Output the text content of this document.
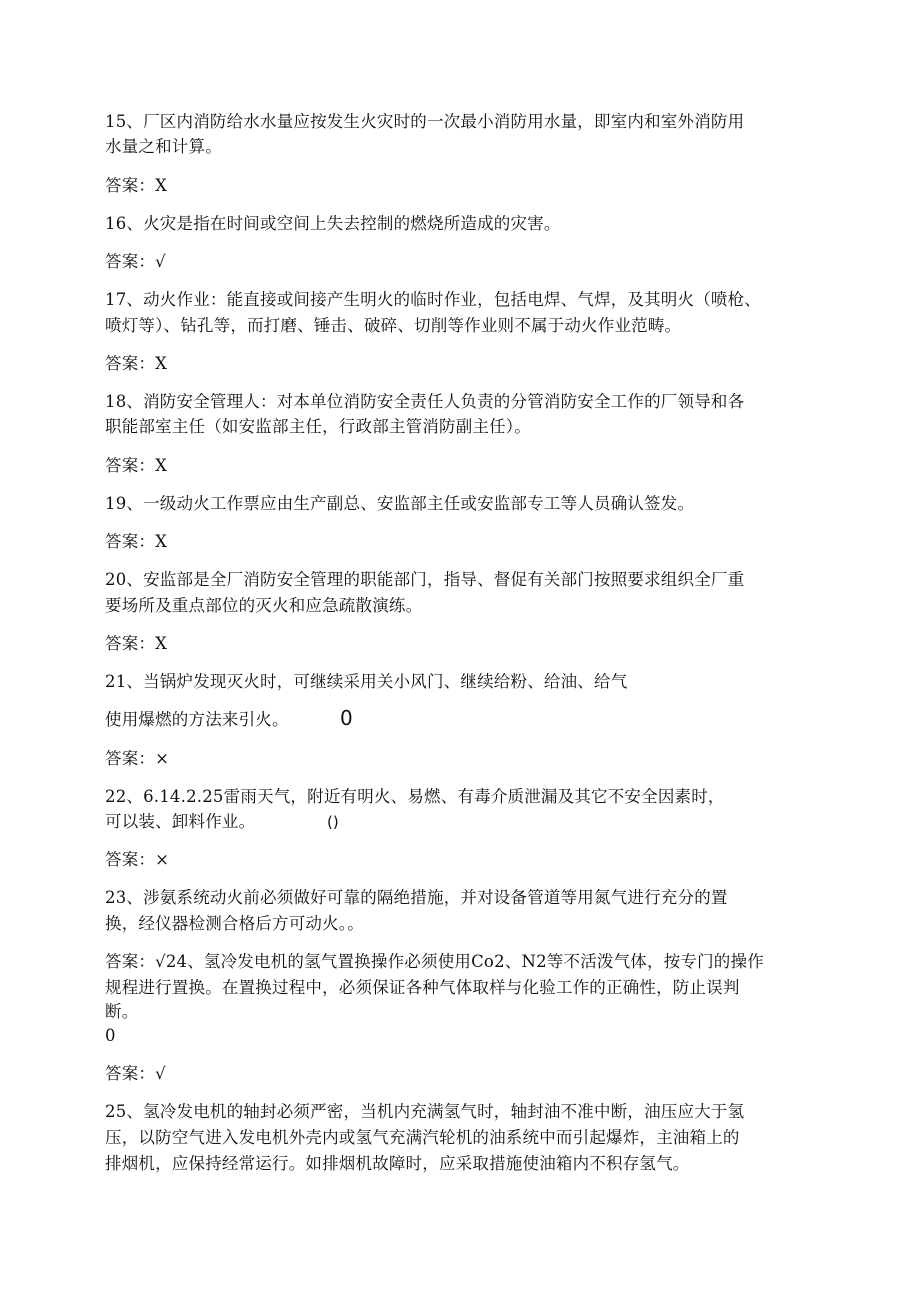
15、厂区内消防给水水量应按发生火灾时的一次最小消防用水量，即室内和室外消防用
水量之和计算。
答案：X
16、火灾是指在时间或空间上失去控制的燃烧所造成的灾害。
答案：√
17、动火作业：能直接或间接产生明火的临时作业，包括电焊、气焊，及其明火（喷枪、
喷灯等）、钻孔等，而打磨、锤击、破碎、切削等作业则不属于动火作业范畴。
答案：X
18、消防安全管理人：对本单位消防安全责任人负责的分管消防安全工作的厂领导和各
职能部室主任（如安监部主任，行政部主管消防副主任）。
答案：X
19、一级动火工作票应由生产副总、安监部主任或安监部专工等人员确认签发。
答案：X
20、安监部是全厂消防安全管理的职能部门，指导、督促有关部门按照要求组织全厂重
要场所及重点部位的灭火和应急疏散演练。
答案：X
21、当锅炉发现灭火时，可继续采用关小风门、继续给粉、给油、给气
使用爆燃的方法来引火。	0
答案：×
22、6.14.2.25雷雨天气，附近有明火、易燃、有毒介质泄漏及其它不安全因素时，
可以装、卸料作业。	()
答案：×
23、涉氨系统动火前必须做好可靠的隔绝措施，并对设备管道等用氮气进行充分的置
换，经仪器检测合格后方可动火。。
答案：√24、氢冷发电机的氢气置换操作必须使用Co2、N2等不活泼气体，按专门的操作
规程进行置换。在置换过程中，必须保证各种气体取样与化验工作的正确性，防止误判
断。
0
答案：√
25、氢冷发电机的轴封必须严密，当机内充满氢气时，轴封油不准中断，油压应大于氢
压，以防空气进入发电机外壳内或氢气充满汽轮机的油系统中而引起爆炸，主油箱上的
排烟机，应保持经常运行。如排烟机故障时，应采取措施使油箱内不积存氢气。
